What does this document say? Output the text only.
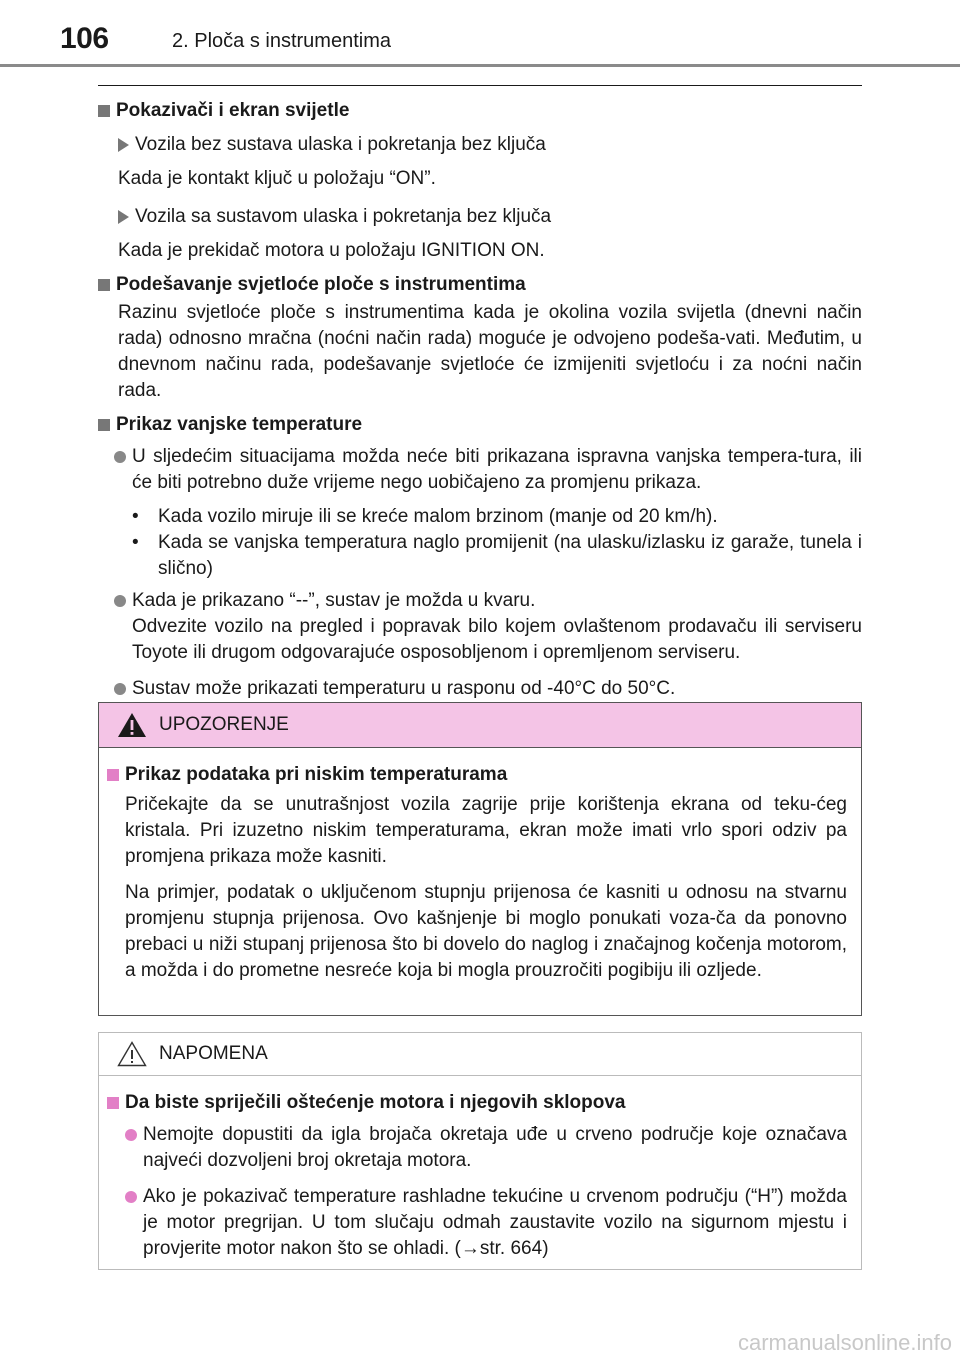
106	2. Ploča s instrumentima
Pokazivači i ekran svijetle
Vozila bez sustava ulaska i pokretanja bez ključa
Kada je kontakt ključ u položaju “ON”.
Vozila sa sustavom ulaska i pokretanja bez ključa
Kada je prekidač motora u položaju IGNITION ON.
Podešavanje svjetloće ploče s instrumentima
Razinu svjetloće ploče s instrumentima kada je okolina vozila svijetla (dnevni način rada) odnosno mračna (noćni način rada) moguće je odvojeno podeša-vati. Međutim, u dnevnom načinu rada, podešavanje svjetloće će izmijeniti svjetloću i za noćni način rada.
Prikaz vanjske temperature
U sljedećim situacijama možda neće biti prikazana ispravna vanjska tempera-tura, ili će biti potrebno duže vrijeme nego uobičajeno za promjenu prikaza.
•	Kada vozilo miruje ili se kreće malom brzinom (manje od 20 km/h).
•	Kada se vanjska temperatura naglo promijenit (na ulasku/izlasku iz garaže, tunela i slično)
Kada je prikazano “--”, sustav je možda u kvaru.
Odvezite vozilo na pregled i popravak bilo kojem ovlaštenom prodavaču ili serviseru Toyote ili drugom odgovarajuće osposobljenom i opremljenom serviseru.
Sustav može prikazati temperaturu u rasponu od -40°C do 50°C.
UPOZORENJE
Prikaz podataka pri niskim temperaturama
Pričekajte da se unutrašnjost vozila zagrije prije korištenja ekrana od teku-ćeg kristala. Pri izuzetno niskim temperaturama, ekran može imati vrlo spori odziv pa promjena prikaza može kasniti.
Na primjer, podatak o uključenom stupnju prijenosa će kasniti u odnosu na stvarnu promjenu stupnja prijenosa. Ovo kašnjenje bi moglo ponukati voza-ča da ponovno prebaci u niži stupanj prijenosa što bi dovelo do naglog i značajnog kočenja motorom, a možda i do prometne nesreće koja bi mogla prouzročiti pogibiju ili ozljede.
NAPOMENA
Da biste spriječili oštećenje motora i njegovih sklopova
Nemojte dopustiti da igla brojača okretaja uđe u crveno područje koje označava najveći dozvoljeni broj okretaja motora.
Ako je pokazivač temperature rashladne tekućine u crvenom području (“H”) možda je motor pregrijan. U tom slučaju odmah zaustavite vozilo na sigurnom mjestu i provjerite motor nakon što se ohladi. (→str. 664)
carmanualsonline.info
